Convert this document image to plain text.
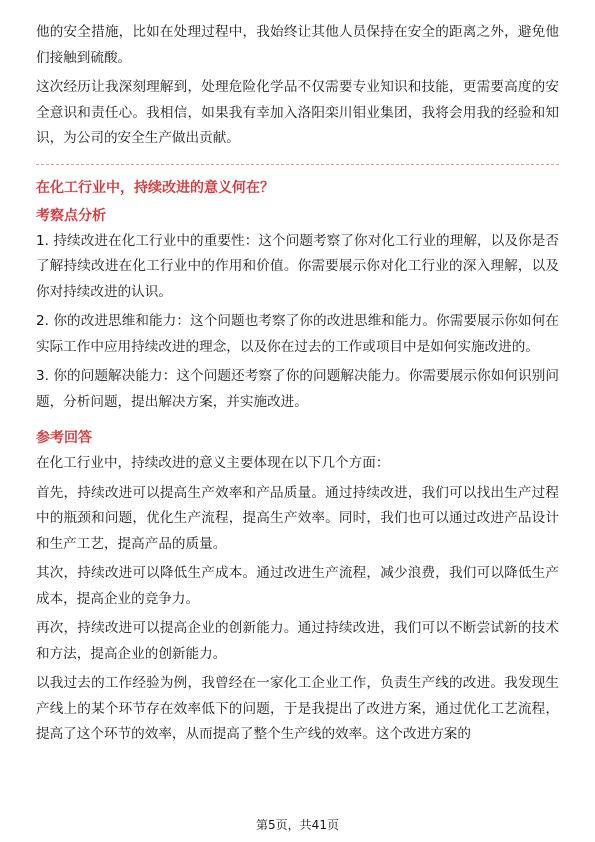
他的安全措施，比如在处理过程中，我始终让其他人员保持在安全的距离之外，避免他们接触到硫酸。

这次经历让我深刻理解到，处理危险化学品不仅需要专业知识和技能，更需要高度的安全意识和责任心。我相信，如果我有幸加入洛阳栾川钼业集团，我将会用我的经验和知识，为公司的安全生产做出贡献。

在化工行业中，持续改进的意义何在？

考察点分析

1. 持续改进在化工行业中的重要性：这个问题考察了你对化工行业的理解，以及你是否了解持续改进在化工行业中的作用和价值。你需要展示你对化工行业的深入理解，以及你对持续改进的认识。

2. 你的改进思维和能力：这个问题也考察了你的改进思维和能力。你需要展示你如何在实际工作中应用持续改进的理念，以及你在过去的工作或项目中是如何实施改进的。

3. 你的问题解决能力：这个问题还考察了你的问题解决能力。你需要展示你如何识别问题，分析问题，提出解决方案，并实施改进。

参考回答

在化工行业中，持续改进的意义主要体现在以下几个方面：

首先，持续改进可以提高生产效率和产品质量。通过持续改进，我们可以找出生产过程中的瓶颈和问题，优化生产流程，提高生产效率。同时，我们也可以通过改进产品设计和生产工艺，提高产品的质量。

其次，持续改进可以降低生产成本。通过改进生产流程，减少浪费，我们可以降低生产成本，提高企业的竞争力。

再次，持续改进可以提高企业的创新能力。通过持续改进，我们可以不断尝试新的技术和方法，提高企业的创新能力。

以我过去的工作经验为例，我曾经在一家化工企业工作，负责生产线的改进。我发现生产线上的某个环节存在效率低下的问题，于是我提出了改进方案，通过优化工艺流程，提高了这个环节的效率，从而提高了整个生产线的效率。这个改进方案的

第5页，共41页
